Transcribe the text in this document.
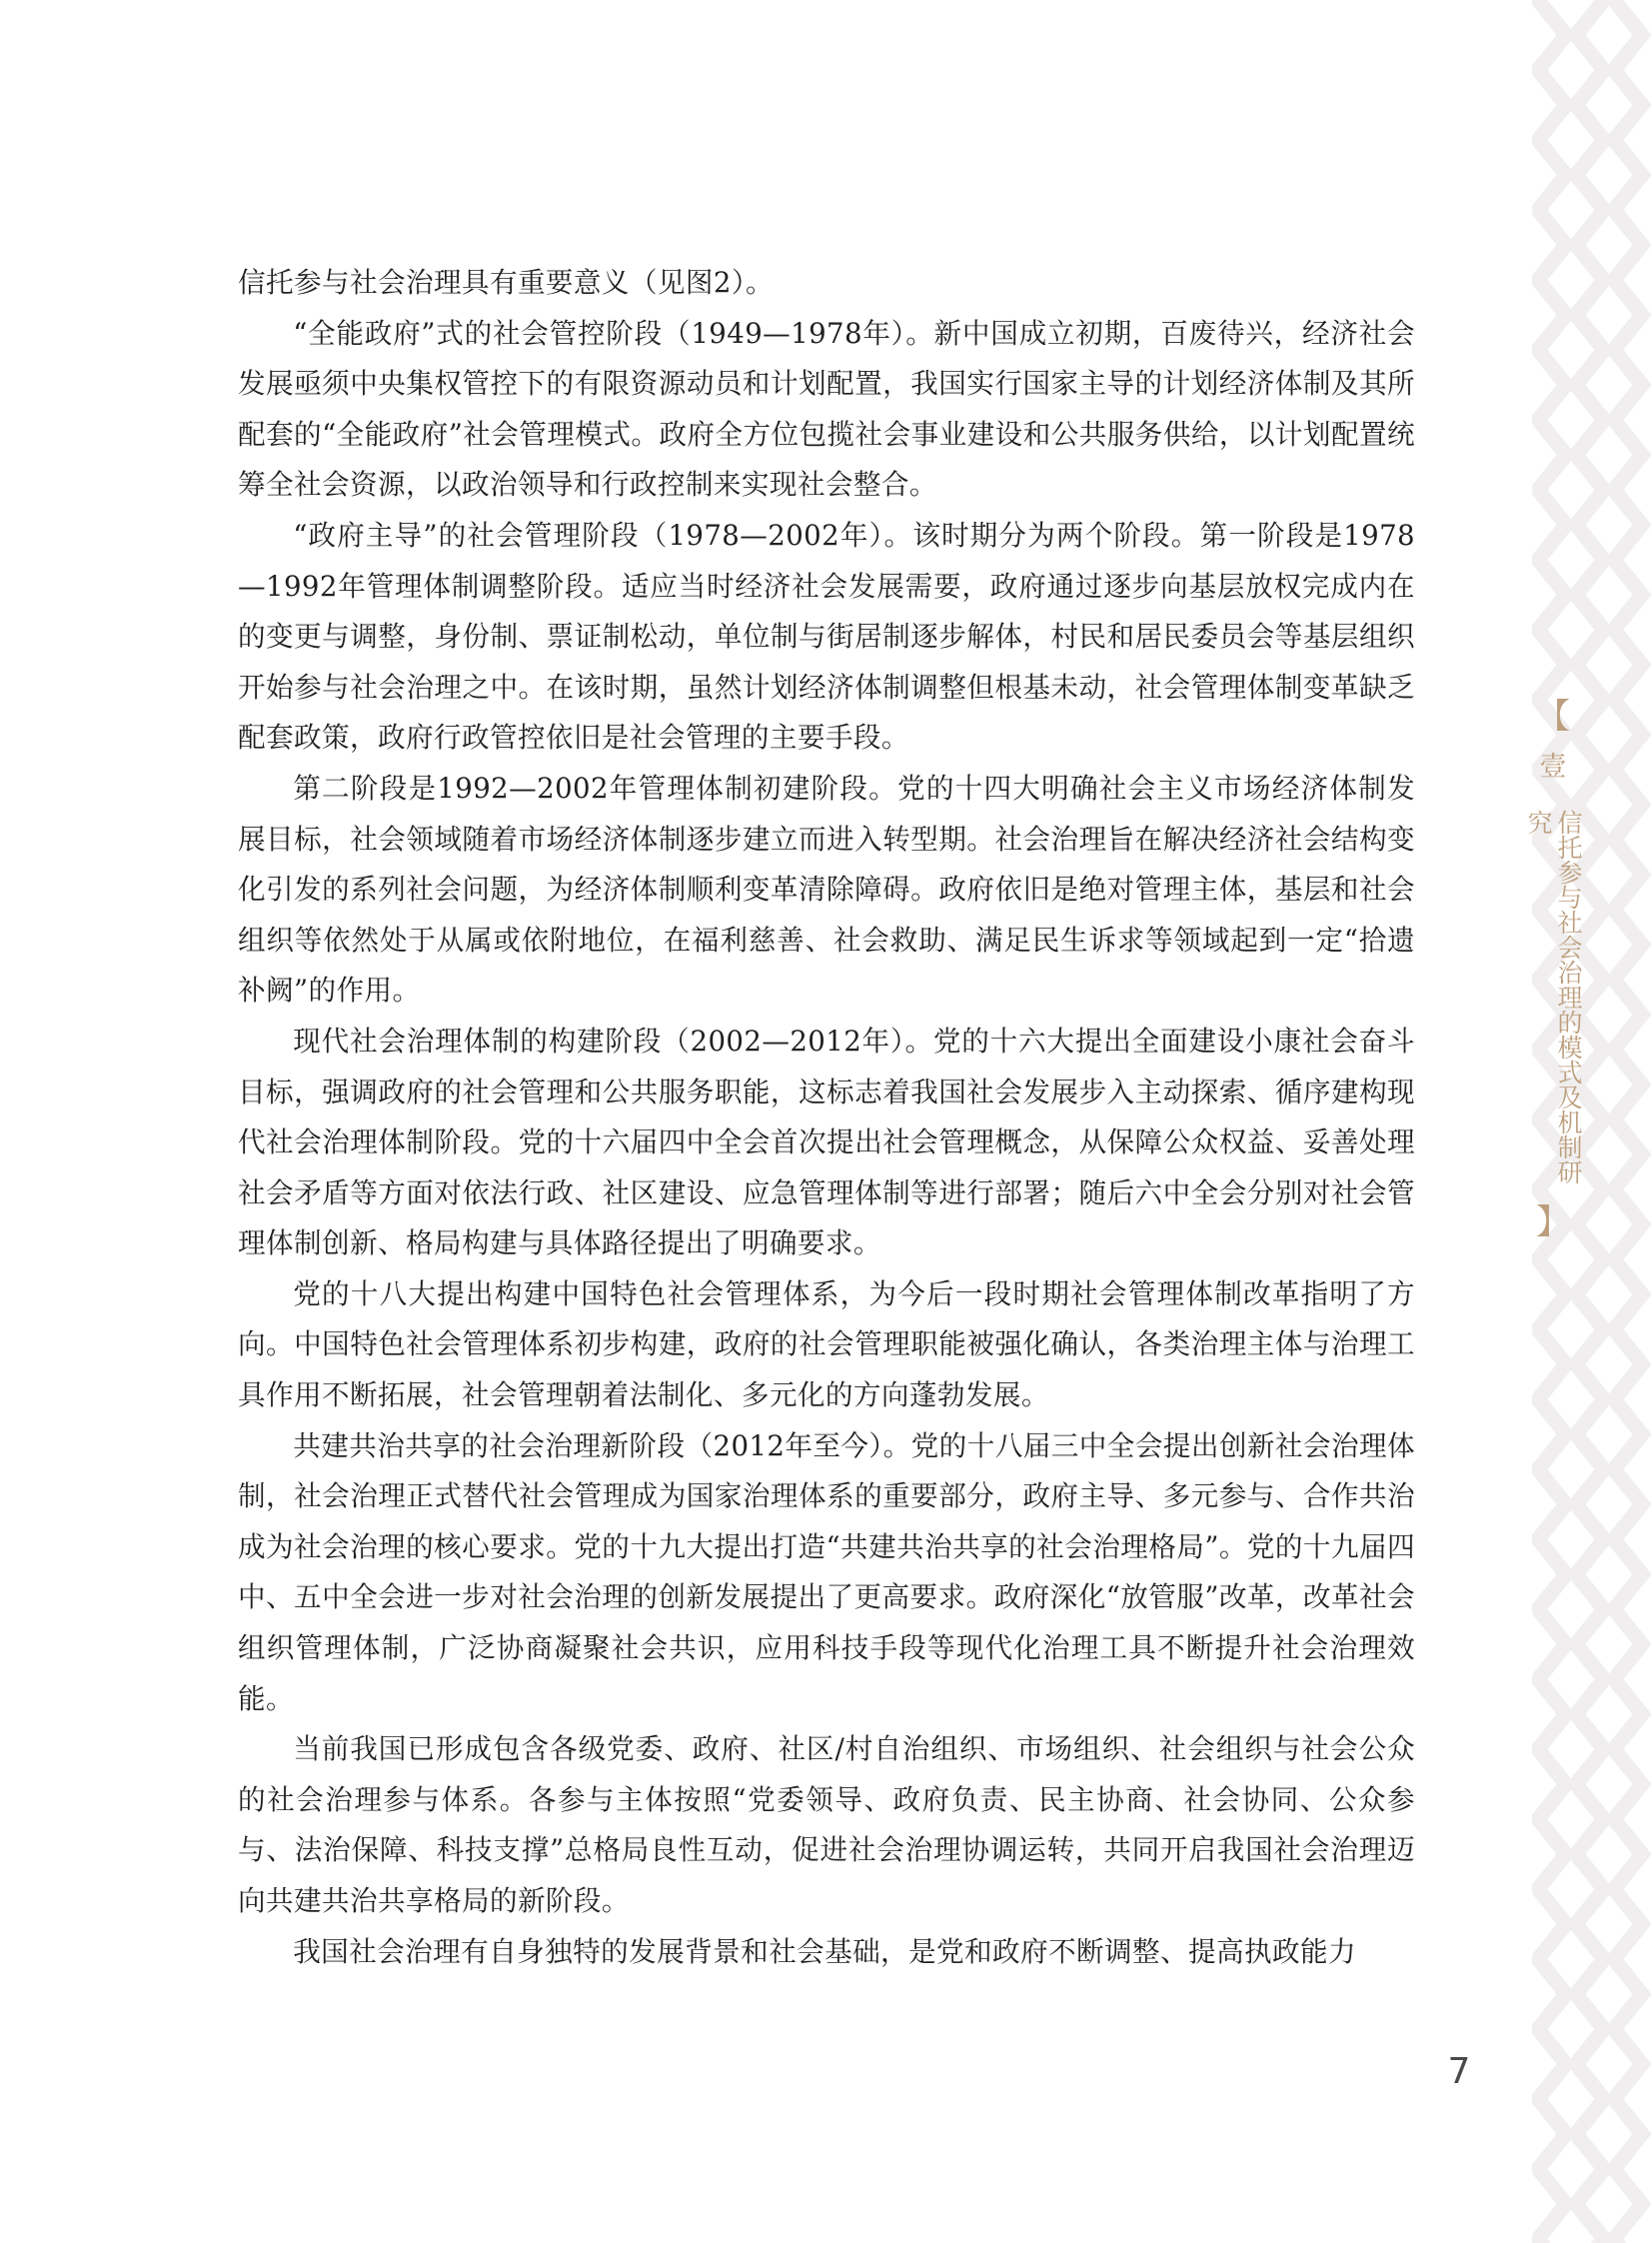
信托参与社会治理具有重要意义（见图2）。

“全能政府”式的社会管控阶段（1949—1978年）。新中国成立初期，百废待兴，经济社会发展亟须中央集权管控下的有限资源动员和计划配置，我国实行国家主导的计划经济体制及其所配套的“全能政府”社会管理模式。政府全方位包揽社会事业建设和公共服务供给，以计划配置统筹全社会资源，以政治领导和行政控制来实现社会整合。

“政府主导”的社会管理阶段（1978—2002年）。该时期分为两个阶段。第一阶段是1978—1992年管理体制调整阶段。适应当时经济社会发展需要，政府通过逐步向基层放权完成内在的变更与调整，身份制、票证制松动，单位制与街居制逐步解体，村民和居民委员会等基层组织开始参与社会治理之中。在该时期，虽然计划经济体制调整但根基未动，社会管理体制变革缺乏配套政策，政府行政管控依旧是社会管理的主要手段。

第二阶段是1992—2002年管理体制初建阶段。党的十四大明确社会主义市场经济体制发展目标，社会领域随着市场经济体制逐步建立而进入转型期。社会治理旨在解决经济社会结构变化引发的系列社会问题，为经济体制顺利变革清除障碍。政府依旧是绝对管理主体，基层和社会组织等依然处于从属或依附地位，在福利慈善、社会救助、满足民生诉求等领域起到一定“拾遗补阙”的作用。

现代社会治理体制的构建阶段（2002—2012年）。党的十六大提出全面建设小康社会奋斗目标，强调政府的社会管理和公共服务职能，这标志着我国社会发展步入主动探索、循序建构现代社会治理体制阶段。党的十六届四中全会首次提出社会管理概念，从保障公众权益、妥善处理社会矛盾等方面对依法行政、社区建设、应急管理体制等进行部署；随后六中全会分别对社会管理体制创新、格局构建与具体路径提出了明确要求。

党的十八大提出构建中国特色社会管理体系，为今后一段时期社会管理体制改革指明了方向。中国特色社会管理体系初步构建，政府的社会管理职能被强化确认，各类治理主体与治理工具作用不断拓展，社会管理朝着法制化、多元化的方向蓬勃发展。

共建共治共享的社会治理新阶段（2012年至今）。党的十八届三中全会提出创新社会治理体制，社会治理正式替代社会管理成为国家治理体系的重要部分，政府主导、多元参与、合作共治成为社会治理的核心要求。党的十九大提出打造“共建共治共享的社会治理格局”。党的十九届四中、五中全会进一步对社会治理的创新发展提出了更高要求。政府深化“放管服”改革，改革社会组织管理体制，广泛协商凝聚社会共识，应用科技手段等现代化治理工具不断提升社会治理效能。

当前我国已形成包含各级党委、政府、社区/村自治组织、市场组织、社会组织与社会公众的社会治理参与体系。各参与主体按照“党委领导、政府负责、民主协商、社会协同、公众参与、法治保障、科技支撑”总格局良性互动，促进社会治理协调运转，共同开启我国社会治理迈向共建共治共享格局的新阶段。

我国社会治理有自身独特的发展背景和社会基础，是党和政府不断调整、提高执政能力

【
壹
信托参与社会治理的模式及机制研究
】
7
